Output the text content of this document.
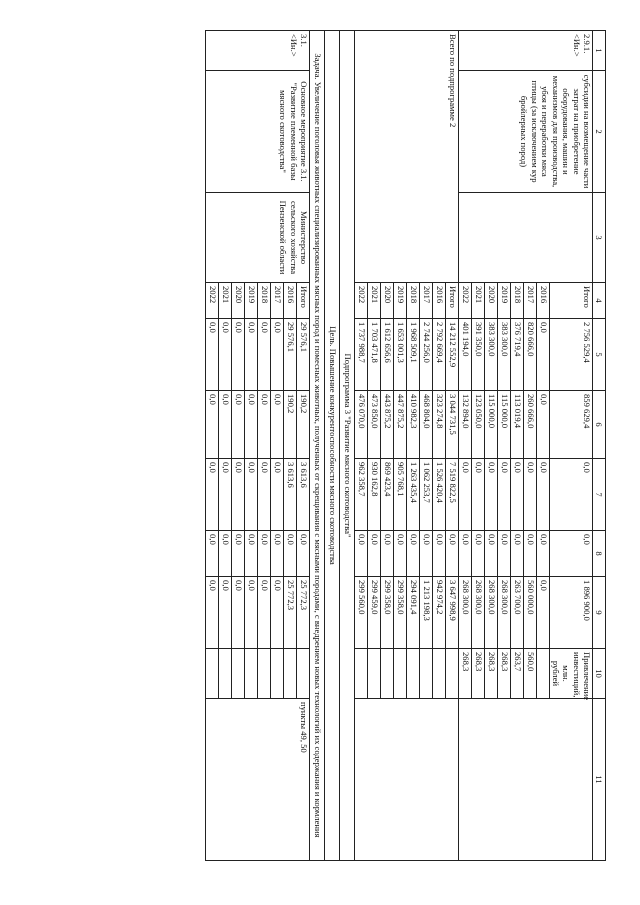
1	2	3	4	5	6	7	8	9	10	11
2.9.1. <Ин.>	субсидии на возмещение части затрат на приобретение оборудования, машин и механизмов для производства, убоя и переработки мяса птицы (за исключением кур бройлерных пород)		Итого	2 756 529,4	859 629,4	0,0	0,0	1 896 900,0	Привлечение инвестиций, млн. рублей	
			2016	0,0	0,0	0,0	0,0	0,0		
			2017	820 666,0	260 666,0	0,0	0,0	560 000,0	560,0	
			2018	376 719,4	113 019,4	0,0	0,0	263 700,0	263,7	
			2019	383 300,0	115 000,0	0,0	0,0	268 300,0	268,3	
			2020	383 300,0	115 000,0	0,0	0,0	268 300,0	268,3	
			2021	391 350,0	123 050,0	0,0	0,0	268 300,0	268,3	
			2022	401 194,0	132 894,0	0,0	0,0	268 300,0	268,3	
Всего по подпрограмме 2			Итого	14 212 552,9	3 044 731,5	7 519 822,5	0,0	3 647 998,9		
			2016	2 792 669,4	323 274,8	1 526 420,4	0,0	942 974,2		
			2017	2 744 256,0	468 804,0	1 062 253,7	0,0	1 213 198,3		
			2018	1 968 509,1	410 982,3	1 263 435,4	0,0	294 091,4		
			2019	1 653 001,3	447 875,2	905 768,1	0,0	299 358,0		
			2020	1 612 656,6	443 875,2	869 423,4	0,0	299 358,0		
			2021	1 703 471,8	473 850,0	930 162,8	0,0	299 459,0		
			2022	1 737 988,7	476 070,0	962 358,7	0,0	299 560,0		
Подпрограмма 3 "Развитие мясного скотоводства"										
Цель. Повышение конкурентоспособности мясного скотоводства										
Задача. Увеличение поголовья животных специализированных мясных пород и помесных животных, полученных от скрещивания с мясными породами, с внедрением новых технологий их содержания и кормления										
3.1. <Ин.>	Основное мероприятие 3.1. "Развитие племенной базы мясного скотоводства"	Министерство сельского хозяйства Пензенской области	Итого	29 576,1	190,2	3 613,6	0,0	25 772,3		пункты 49, 50
			2016	29 576,1	190,2	3 613,6	0,0	25 772,3		
			2017	0,0	0,0	0,0	0,0	0,0		
			2018	0,0	0,0	0,0	0,0	0,0		
			2019	0,0	0,0	0,0	0,0	0,0		
			2020	0,0	0,0	0,0	0,0	0,0		
			2021	0,0	0,0	0,0	0,0	0,0		
			2022	0,0	0,0	0,0	0,0	0,0		
